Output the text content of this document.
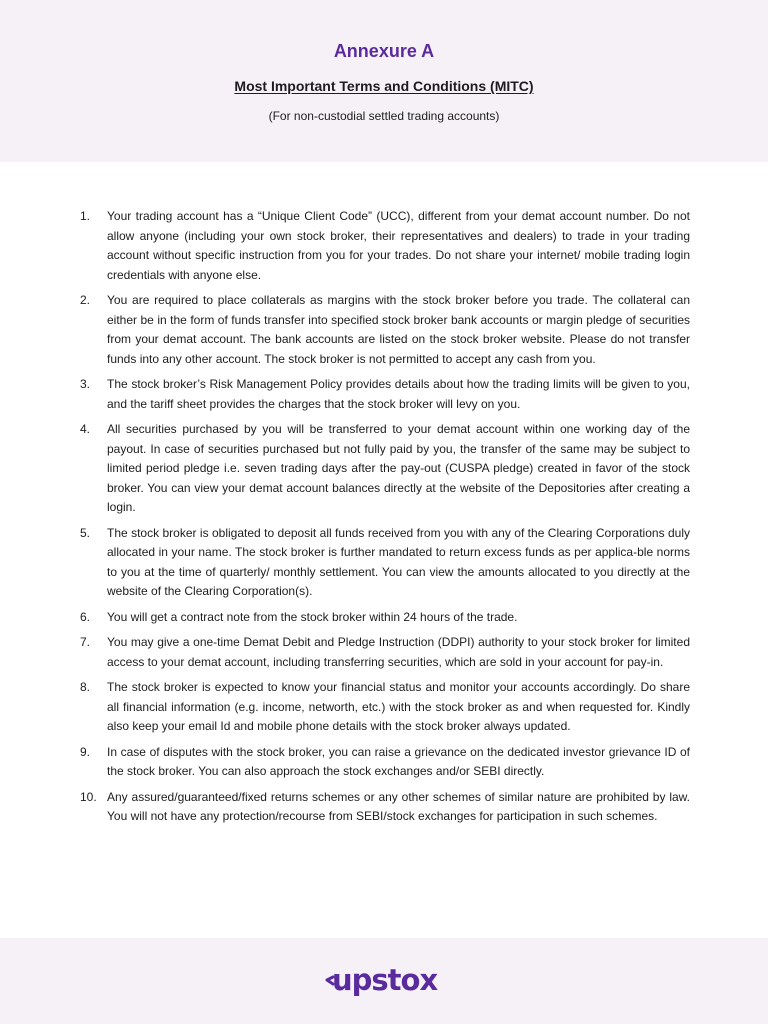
Annexure A
Most Important Terms and Conditions (MITC)
(For non-custodial settled trading accounts)
1.	Your trading account has a “Unique Client Code” (UCC), different from your demat account number. Do not allow anyone (including your own stock broker, their representatives and dealers) to trade in your trading account without specific instruction from you for your trades. Do not share your internet/ mobile trading login credentials with anyone else.
2.	You are required to place collaterals as margins with the stock broker before you trade. The collateral can either be in the form of funds transfer into specified stock broker bank accounts or margin pledge of securities from your demat account. The bank accounts are listed on the stock broker website. Please do not transfer funds into any other account. The stock broker is not permitted to accept any cash from you.
3.	The stock broker’s Risk Management Policy provides details about how the trading limits will be given to you, and the tariff sheet provides the charges that the stock broker will levy on you.
4.	All securities purchased by you will be transferred to your demat account within one working day of the payout. In case of securities purchased but not fully paid by you, the transfer of the same may be subject to limited period pledge i.e. seven trading days after the pay-out (CUSPA pledge) created in favor of the stock broker. You can view your demat account balances directly at the website of the Depositories after creating a login.
5.	The stock broker is obligated to deposit all funds received from you with any of the Clearing Corporations duly allocated in your name. The stock broker is further mandated to return excess funds as per applica-ble norms to you at the time of quarterly/ monthly settlement. You can view the amounts allocated to you directly at the website of the Clearing Corporation(s).
6.	You will get a contract note from the stock broker within 24 hours of the trade.
7.	You may give a one-time Demat Debit and Pledge Instruction (DDPI) authority to your stock broker for limited access to your demat account, including transferring securities, which are sold in your account for pay-in.
8.	The stock broker is expected to know your financial status and monitor your accounts accordingly. Do share all financial information (e.g. income, networth, etc.) with the stock broker as and when requested for. Kindly also keep your email Id and mobile phone details with the stock broker always updated.
9.	In case of disputes with the stock broker, you can raise a grievance on the dedicated investor grievance ID of the stock broker. You can also approach the stock exchanges and/or SEBI directly.
10. Any assured/guaranteed/fixed returns schemes or any other schemes of similar nature are prohibited by law. You will not have any protection/recourse from SEBI/stock exchanges for participation in such schemes.
upstox
